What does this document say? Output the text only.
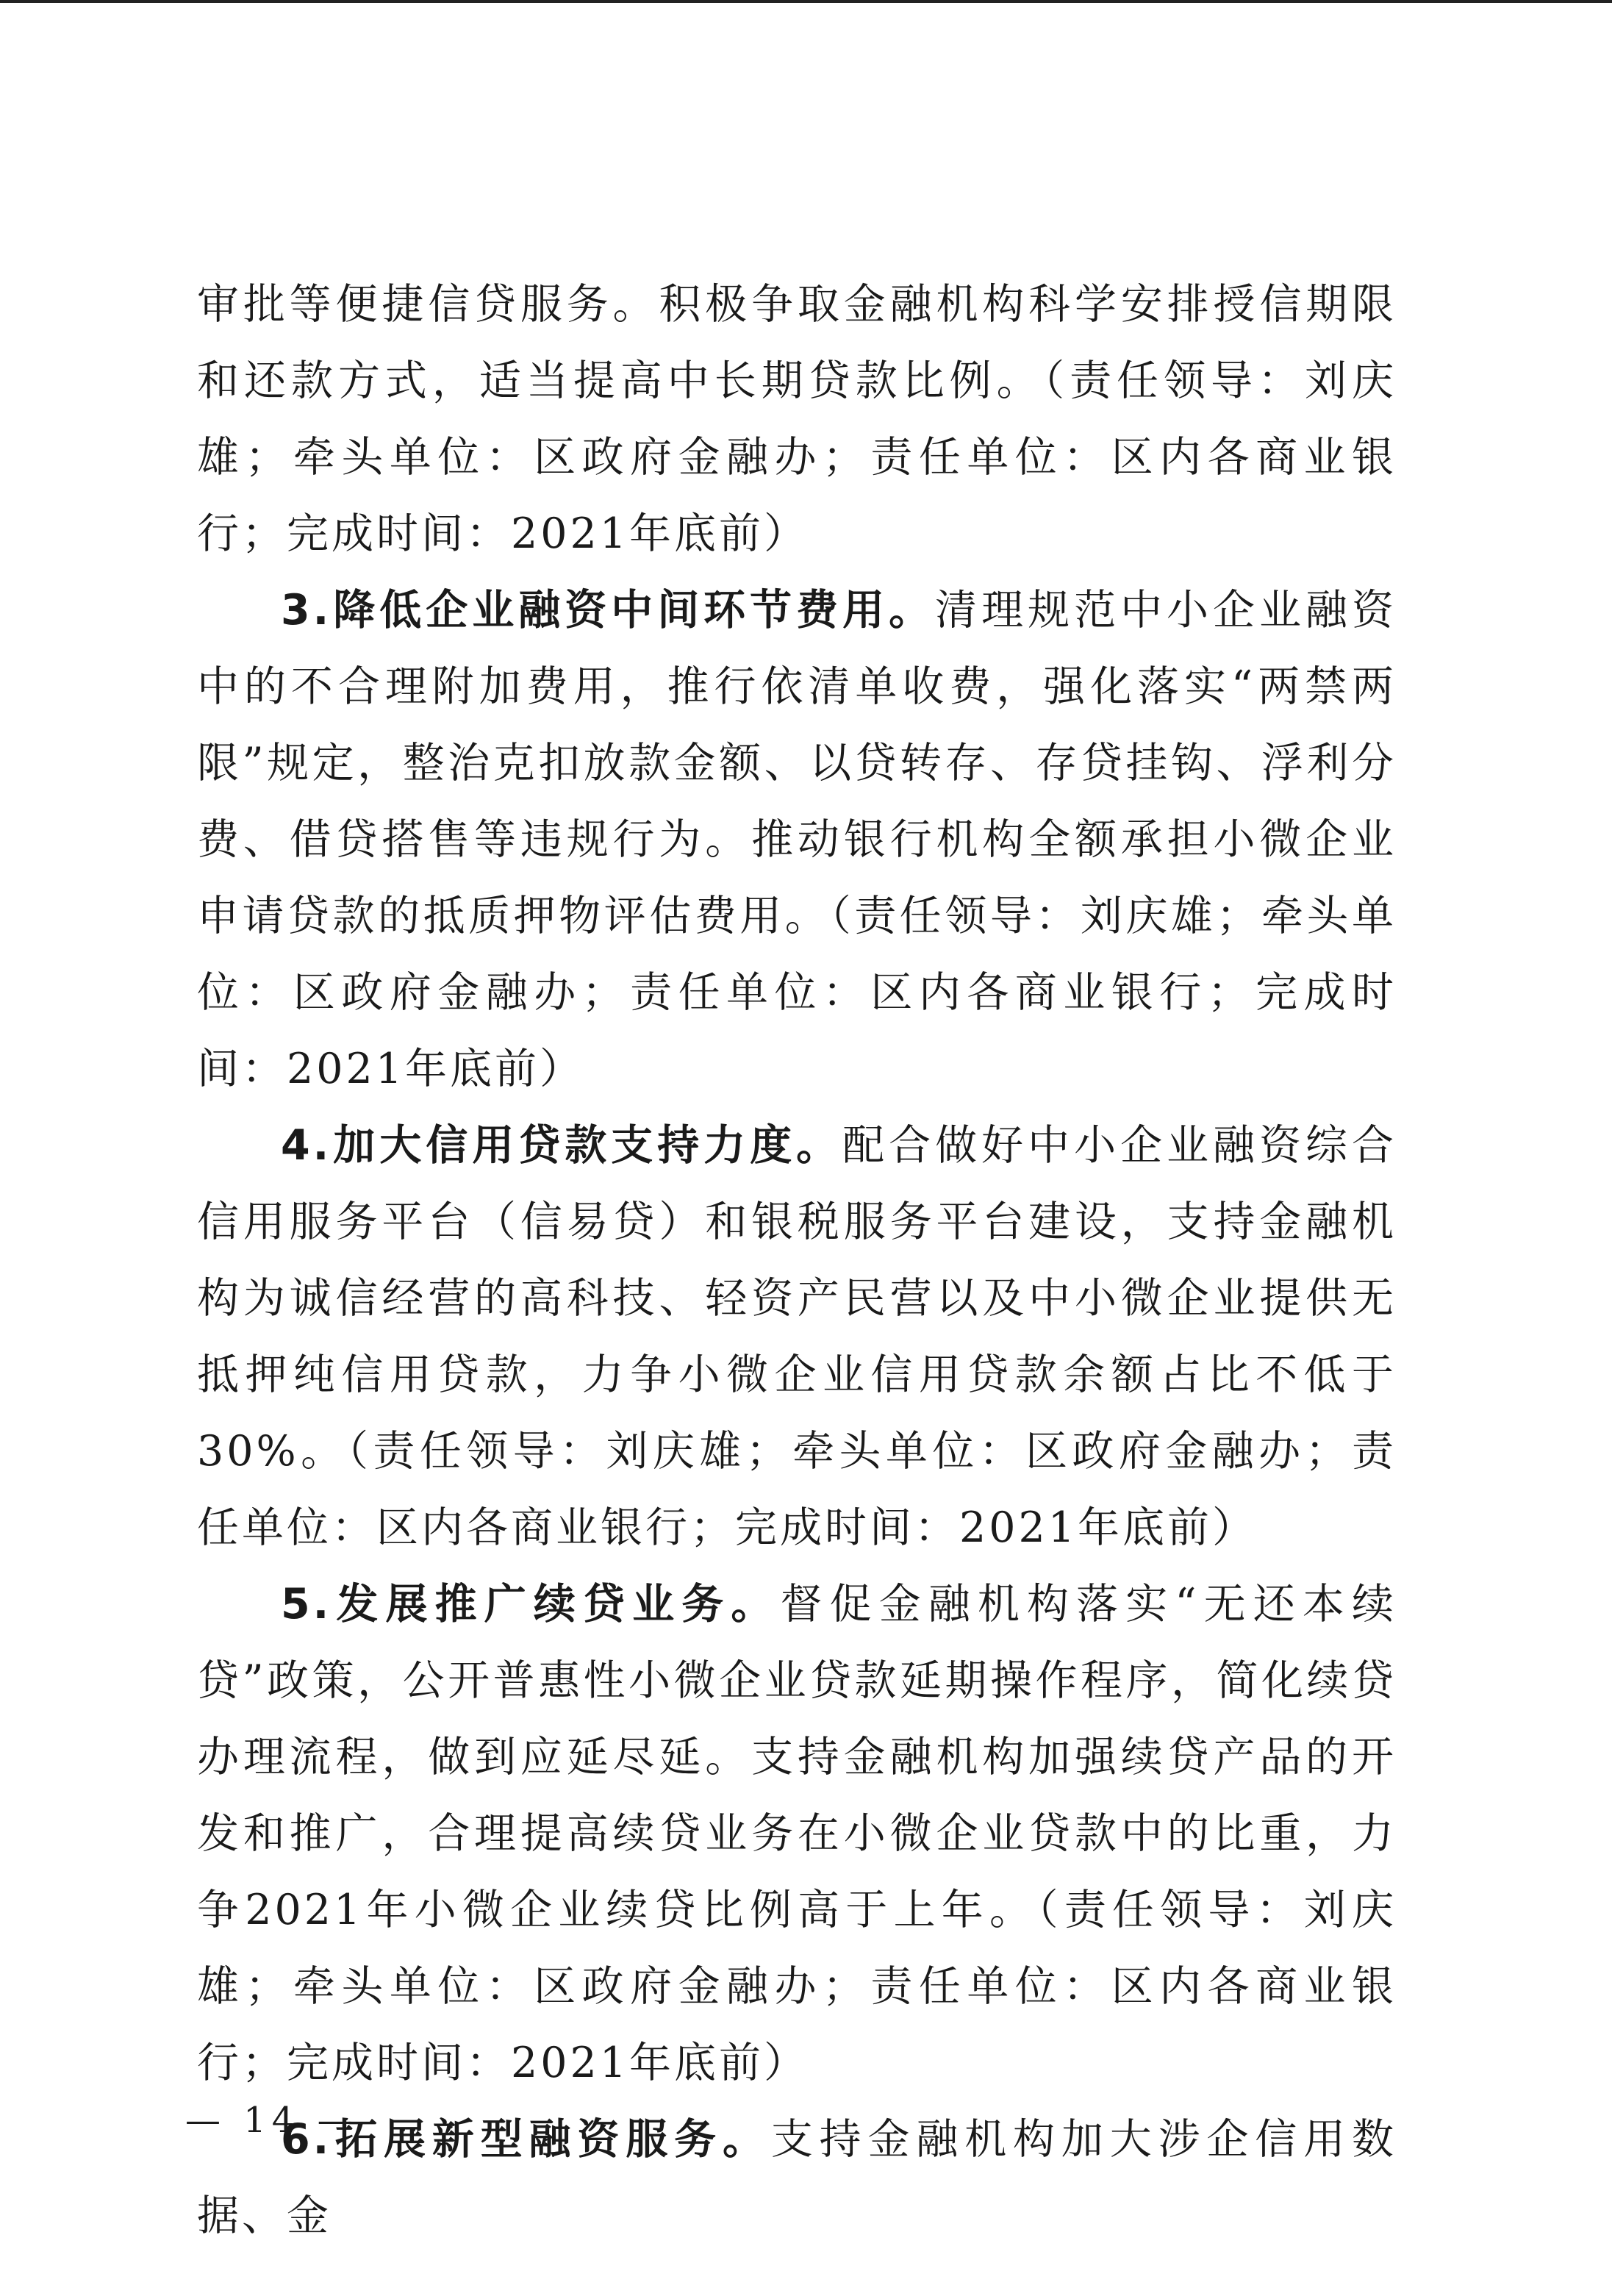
审批等便捷信贷服务。积极争取金融机构科学安排授信期限和还款方式，适当提高中长期贷款比例。（责任领导：刘庆雄；牵头单位：区政府金融办；责任单位：区内各商业银行；完成时间：2021年底前）

3.降低企业融资中间环节费用。清理规范中小企业融资中的不合理附加费用，推行依清单收费，强化落实“两禁两限”规定，整治克扣放款金额、以贷转存、存贷挂钩、浮利分费、借贷搭售等违规行为。推动银行机构全额承担小微企业申请贷款的抵质押物评估费用。（责任领导：刘庆雄；牵头单位：区政府金融办；责任单位：区内各商业银行；完成时间：2021年底前）

4.加大信用贷款支持力度。配合做好中小企业融资综合信用服务平台（信易贷）和银税服务平台建设，支持金融机构为诚信经营的高科技、轻资产民营以及中小微企业提供无抵押纯信用贷款，力争小微企业信用贷款余额占比不低于30%。（责任领导：刘庆雄；牵头单位：区政府金融办；责任单位：区内各商业银行；完成时间：2021年底前）

5.发展推广续贷业务。督促金融机构落实“无还本续贷”政策，公开普惠性小微企业贷款延期操作程序，简化续贷办理流程，做到应延尽延。支持金融机构加强续贷产品的开发和推广，合理提高续贷业务在小微企业贷款中的比重，力争2021年小微企业续贷比例高于上年。（责任领导：刘庆雄；牵头单位：区政府金融办；责任单位：区内各商业银行；完成时间：2021年底前）

6.拓展新型融资服务。支持金融机构加大涉企信用数据、金

— 14 —
